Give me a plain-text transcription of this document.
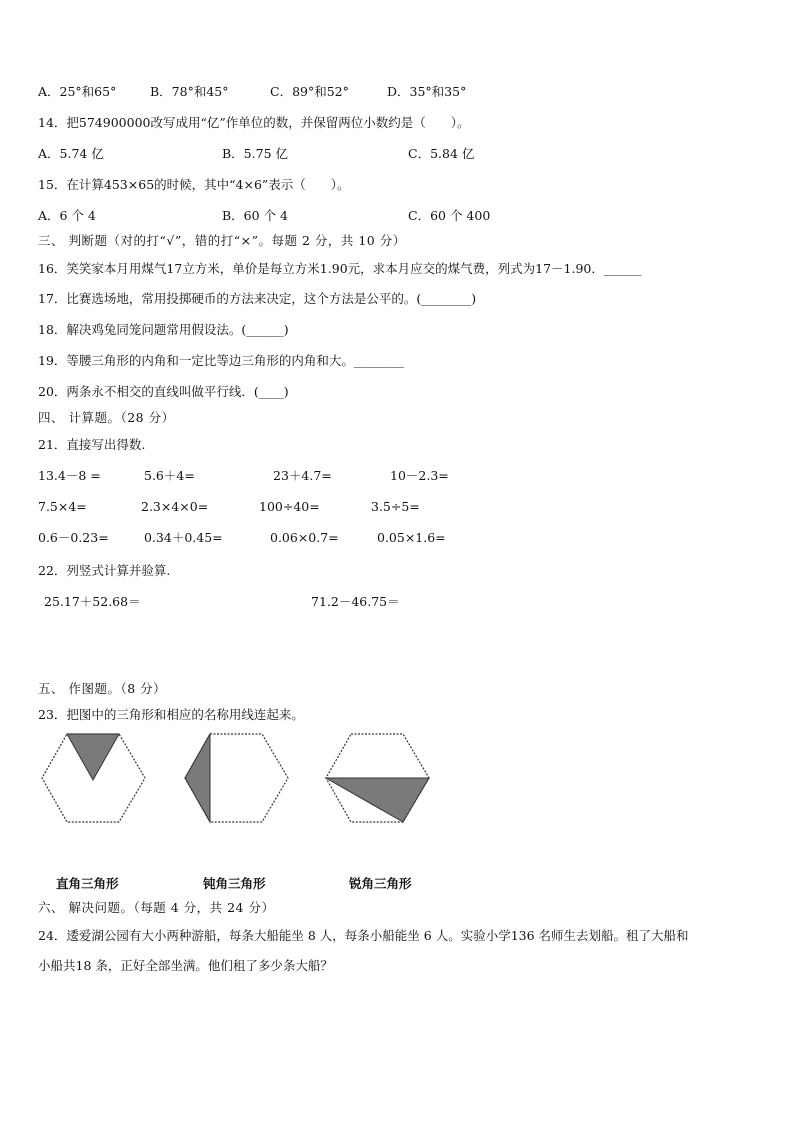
A．25°和65°	B．78°和45°	C．89°和52°	D．35°和35°
14．把574900000改写成用“亿”作单位的数，并保留两位小数约是（　　）。
A．5.74 亿	B．5.75 亿	C．5.84 亿
15．在计算453×65的时候，其中“4×6”表示（　　）。
A．6 个 4	B．60 个 4	C．60 个 400
三、 判断题（对的打“√”，错的打“×”。每题 2 分，共 10 分）
16．笑笑家本月用煤气17立方米，单价是每立方米1.90元，求本月应交的煤气费，列式为17－1.90．______
17．比赛选场地，常用投掷硬币的方法来决定，这个方法是公平的。(________)
18．解决鸡兔同笼问题常用假设法。(______)
19．等腰三角形的内角和一定比等边三角形的内角和大。________
20．两条永不相交的直线叫做平行线．(____)
四、 计算题。（28 分）
21．直接写出得数.
13.4－8 =	5.6＋4=	23＋4.7=	10－2.3=
7.5×4=	2.3×4×0=	100÷40=	3.5÷5=
0.6－0.23=	0.34＋0.45=	0.06×0.7=	0.05×1.6=
22．列竖式计算并验算.
25.17＋52.68＝	71.2－46.75＝
五、 作图题。（8 分）
23．把图中的三角形和相应的名称用线连起来。
直角三角形	钝角三角形	锐角三角形
六、 解决问题。（每题 4 分，共 24 分）
24．逶爱湖公园有大小两种游船，每条大船能坐 8 人，每条小船能坐 6 人。实验小学136 名师生去划船。租了大船和
小船共18 条，正好全部坐满。他们租了多少条大船？
